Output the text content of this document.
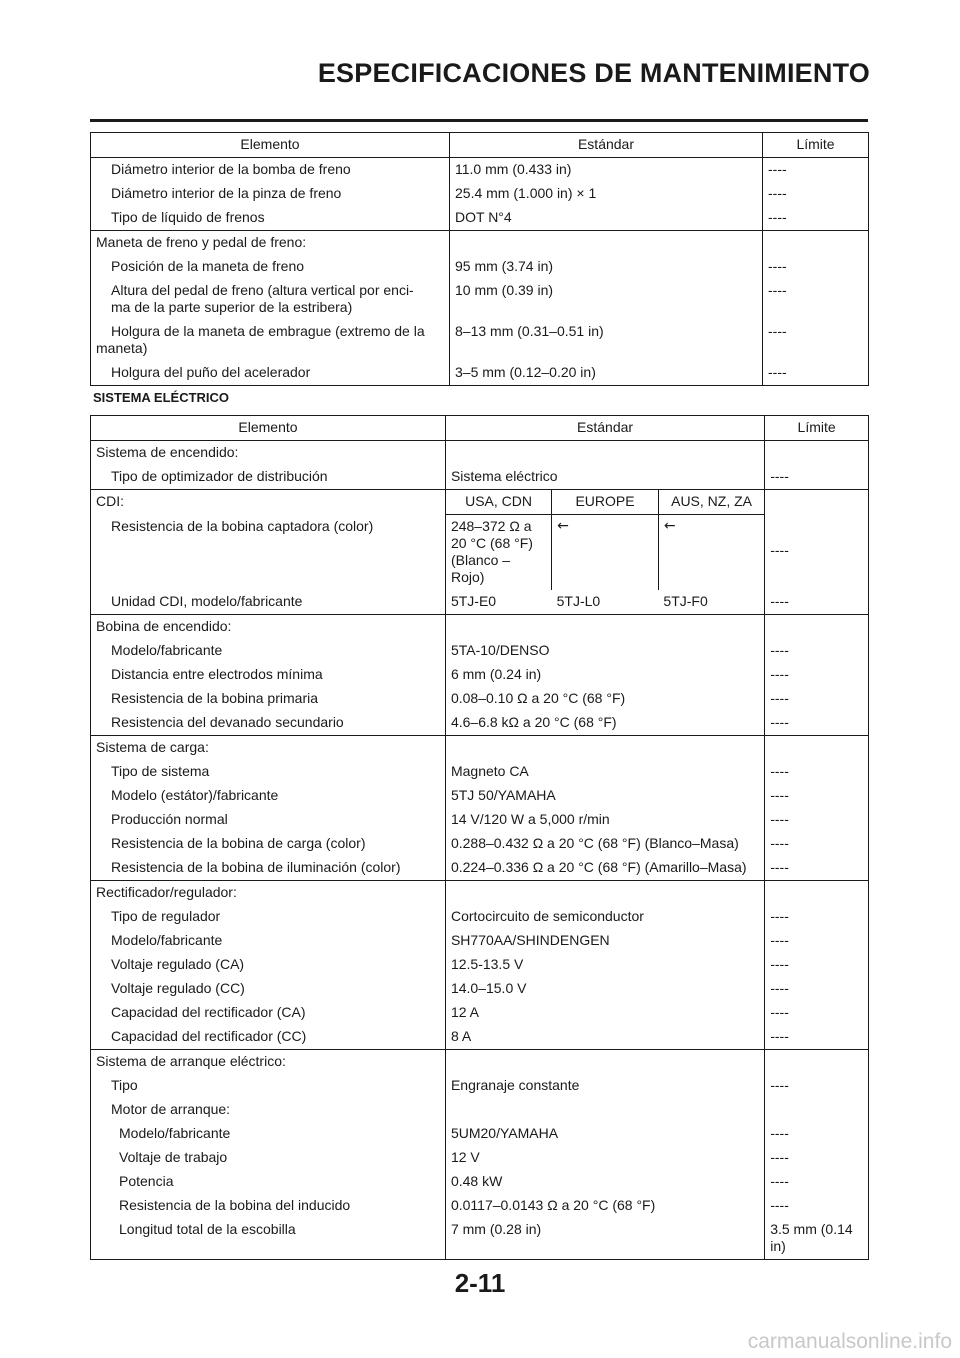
ESPECIFICACIONES DE MANTENIMIENTO
Elemento	Estándar	Límite
Diámetro interior de la bomba de freno	11.0 mm (0.433 in)	----
Diámetro interior de la pinza de freno	25.4 mm (1.000 in) × 1	----
Tipo de líquido de frenos	DOT N°4	----
Maneta de freno y pedal de freno:		
Posición de la maneta de freno	95 mm (3.74 in)	----
Altura del pedal de freno (altura vertical por enci-
ma de la parte superior de la estribera)	10 mm (0.39 in)	----
Holgura de la maneta de embrague (extremo de la
maneta)	8–13 mm (0.31–0.51 in)	----
Holgura del puño del acelerador	3–5 mm (0.12–0.20 in)	----
SISTEMA ELÉCTRICO
Elemento	Estándar			Límite
Sistema de encendido:				
Tipo de optimizador de distribución	Sistema eléctrico			----
CDI:	USA, CDN	EUROPE	AUS, NZ, ZA	----
Resistencia de la bobina captadora (color)	248–372 Ω a
20 °C (68 °F)
(Blanco – Rojo)	←	←	
Unidad CDI, modelo/fabricante	5TJ-E0	5TJ-L0	5TJ-F0	----
Bobina de encendido:				
Modelo/fabricante	5TA-10/DENSO			----
Distancia entre electrodos mínima	6 mm (0.24 in)			----
Resistencia de la bobina primaria	0.08–0.10 Ω a 20 °C (68 °F)			----
Resistencia del devanado secundario	4.6–6.8 kΩ a 20 °C (68 °F)			----
Sistema de carga:				
Tipo de sistema	Magneto CA			----
Modelo (estátor)/fabricante	5TJ 50/YAMAHA			----
Producción normal	14 V/120 W a 5,000 r/min			----
Resistencia de la bobina de carga (color)	0.288–0.432 Ω a 20 °C (68 °F) (Blanco–Masa)			----
Resistencia de la bobina de iluminación (color)	0.224–0.336 Ω a 20 °C (68 °F) (Amarillo–Masa)			----
Rectificador/regulador:				
Tipo de regulador	Cortocircuito de semiconductor			----
Modelo/fabricante	SH770AA/SHINDENGEN			----
Voltaje regulado (CA)	12.5-13.5 V			----
Voltaje regulado (CC)	14.0–15.0 V			----
Capacidad del rectificador (CA)	12 A			----
Capacidad del rectificador (CC)	8 A			----
Sistema de arranque eléctrico:				
Tipo	Engranaje constante			----
Motor de arranque:				
Modelo/fabricante	5UM20/YAMAHA			----
Voltaje de trabajo	12 V			----
Potencia	0.48 kW			----
Resistencia de la bobina del inducido	0.0117–0.0143 Ω a 20 °C (68 °F)			----
Longitud total de la escobilla	7 mm (0.28 in)			3.5 mm (0.14
in)
2-11
carmanualsonline.info
